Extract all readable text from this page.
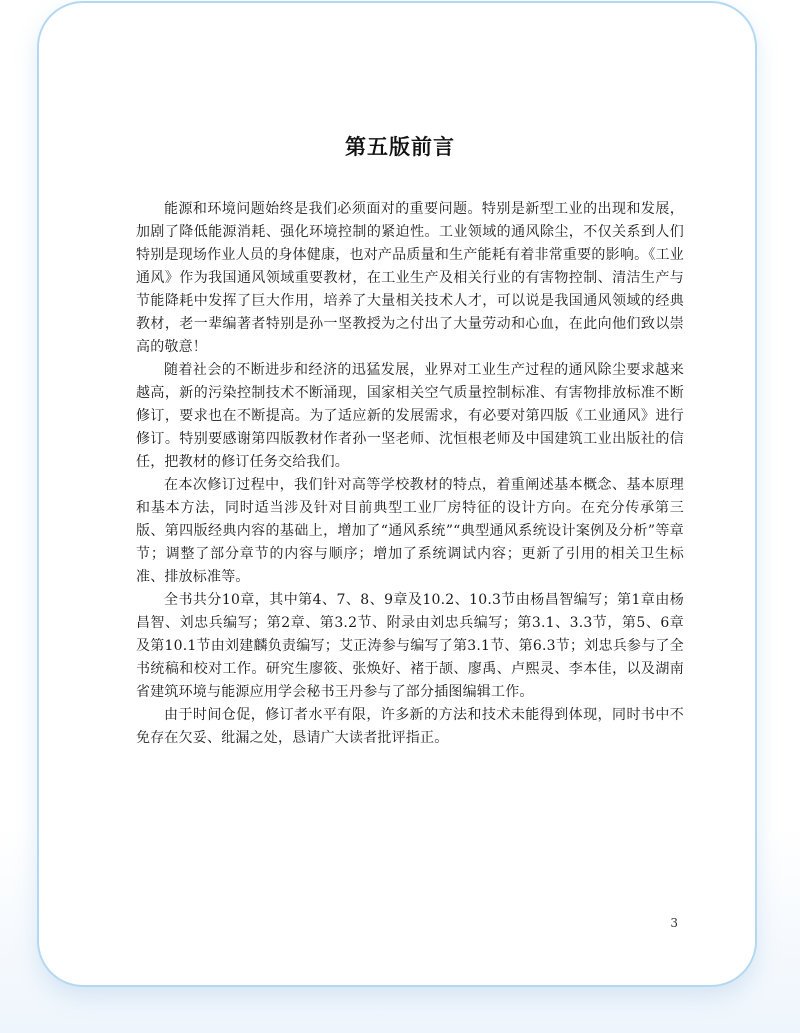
第五版前言

能源和环境问题始终是我们必须面对的重要问题。特别是新型工业的出现和发展，加剧了降低能源消耗、强化环境控制的紧迫性。工业领域的通风除尘，不仅关系到人们特别是现场作业人员的身体健康，也对产品质量和生产能耗有着非常重要的影响。《工业通风》作为我国通风领域重要教材，在工业生产及相关行业的有害物控制、清洁生产与节能降耗中发挥了巨大作用，培养了大量相关技术人才，可以说是我国通风领域的经典教材，老一辈编著者特别是孙一坚教授为之付出了大量劳动和心血，在此向他们致以崇高的敬意！

随着社会的不断进步和经济的迅猛发展，业界对工业生产过程的通风除尘要求越来越高，新的污染控制技术不断涌现，国家相关空气质量控制标准、有害物排放标准不断修订，要求也在不断提高。为了适应新的发展需求，有必要对第四版《工业通风》进行修订。特别要感谢第四版教材作者孙一坚老师、沈恒根老师及中国建筑工业出版社的信任，把教材的修订任务交给我们。

在本次修订过程中，我们针对高等学校教材的特点，着重阐述基本概念、基本原理和基本方法，同时适当涉及针对目前典型工业厂房特征的设计方向。在充分传承第三版、第四版经典内容的基础上，增加了“通风系统”“典型通风系统设计案例及分析”等章节；调整了部分章节的内容与顺序；增加了系统调试内容；更新了引用的相关卫生标准、排放标准等。

全书共分10章，其中第4、7、8、9章及10.2、10.3节由杨昌智编写；第1章由杨昌智、刘忠兵编写；第2章、第3.2节、附录由刘忠兵编写；第3.1、3.3节，第5、6章及第10.1节由刘建麟负责编写；艾正涛参与编写了第3.1节、第6.3节；刘忠兵参与了全书统稿和校对工作。研究生廖筱、张焕好、褚于颉、廖禹、卢熙灵、李本佳，以及湖南省建筑环境与能源应用学会秘书王丹参与了部分插图编辑工作。

由于时间仓促，修订者水平有限，许多新的方法和技术未能得到体现，同时书中不免存在欠妥、纰漏之处，恳请广大读者批评指正。

3
